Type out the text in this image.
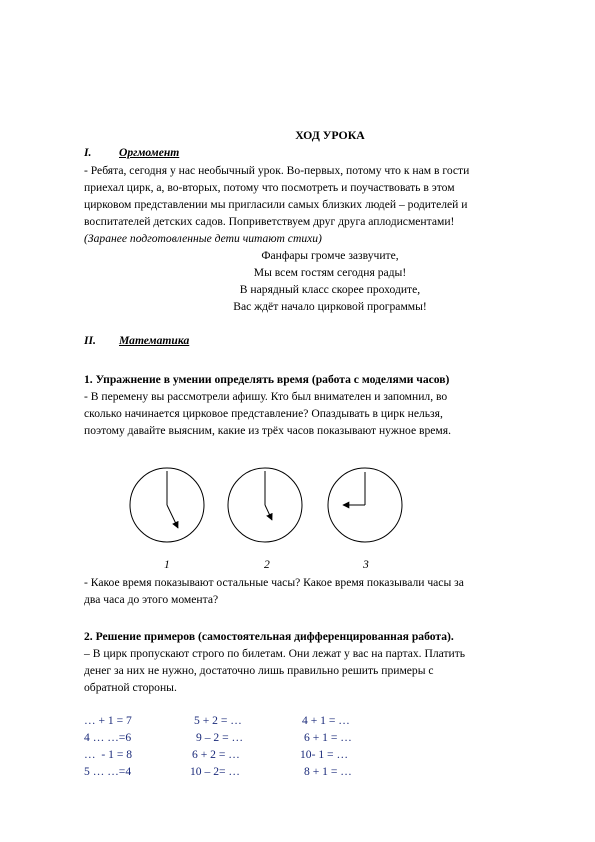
ХОД УРОКА
I. Оргмомент
- Ребята, сегодня у нас необычный урок. Во-первых, потому что к нам в гости
приехал цирк, а, во-вторых, потому что посмотреть и поучаствовать в этом
цирковом представлении мы пригласили самых близких людей – родителей и
воспитателей детских садов. Поприветствуем друг друга аплодисментами!
(Заранее подготовленные дети читают стихи)
Фанфары громче зазвучите,
Мы всем гостям сегодня рады!
В нарядный класс скорее проходите,
Вас ждёт начало цирковой программы!
II. Математика
1. Упражнение в умении определять время (работа с моделями часов)
- В перемену вы рассмотрели афишу. Кто был внимателен и запомнил, во
сколько начинается цирковое представление? Опаздывать в цирк нельзя,
поэтому давайте выясним, какие из трёх часов показывают нужное время.
1	2	3
- Какое время показывают остальные часы? Какое время показывали часы за
два часа до этого момента?
2. Решение примеров (самостоятельная дифференцированная работа).
– В цирк пропускают строго по билетам. Они лежат у вас на партах. Платить
денег за них не нужно, достаточно лишь правильно решить примеры с
обратной стороны.
… + 1 = 7	5 + 2 = …	4 + 1 = …
4 … …=6	9 – 2 = …	6 + 1 = …
…  - 1 = 8	6 + 2 = …	10- 1 = …
5 … …=4	10 – 2= …	8 + 1 = …
